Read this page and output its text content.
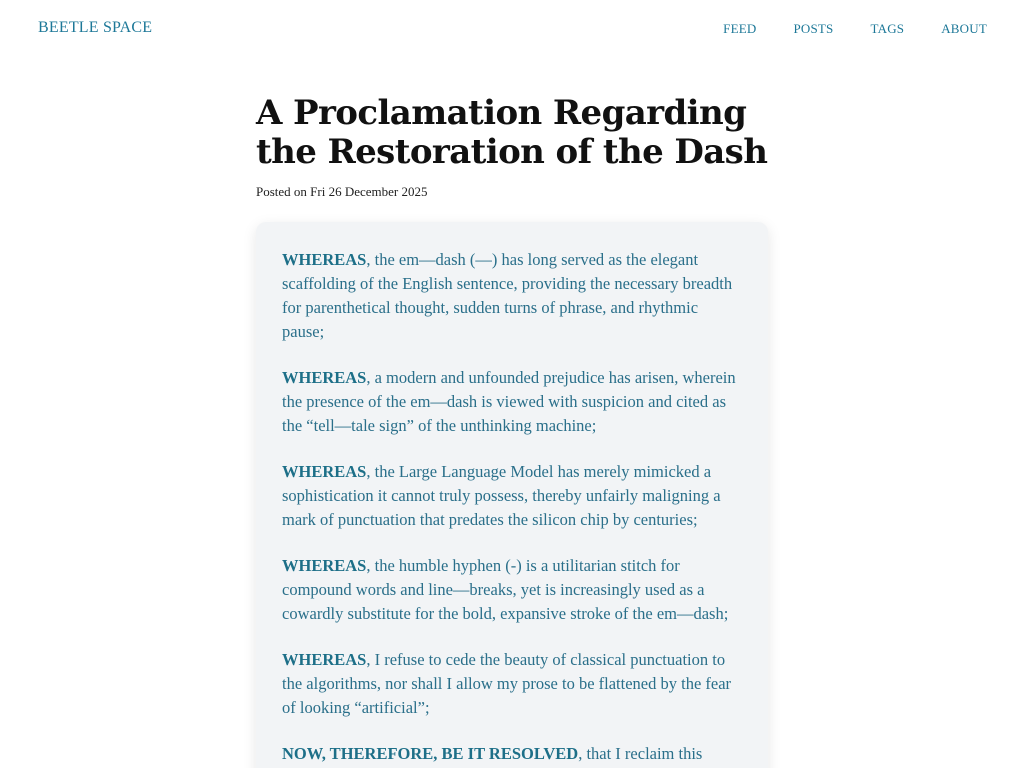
BEETLE SPACE	FEED	POSTS	TAGS	ABOUT
A Proclamation Regarding the Restoration of the Dash
Posted on Fri 26 December 2025

WHEREAS, the em—dash (—) has long served as the elegant scaffolding of the English sentence, providing the necessary breadth for parenthetical thought, sudden turns of phrase, and rhythmic pause;

WHEREAS, a modern and unfounded prejudice has arisen, wherein the presence of the em—dash is viewed with suspicion and cited as the “tell—tale sign” of the unthinking machine;

WHEREAS, the Large Language Model has merely mimicked a sophistication it cannot truly possess, thereby unfairly maligning a mark of punctuation that predates the silicon chip by centuries;

WHEREAS, the humble hyphen (-) is a utilitarian stitch for compound words and line—breaks, yet is increasingly used as a cowardly substitute for the bold, expansive stroke of the em—dash;

WHEREAS, I refuse to cede the beauty of classical punctuation to the algorithms, nor shall I allow my prose to be flattened by the fear of looking “artificial”;

NOW, THEREFORE, BE IT RESOLVED, that I reclaim this
